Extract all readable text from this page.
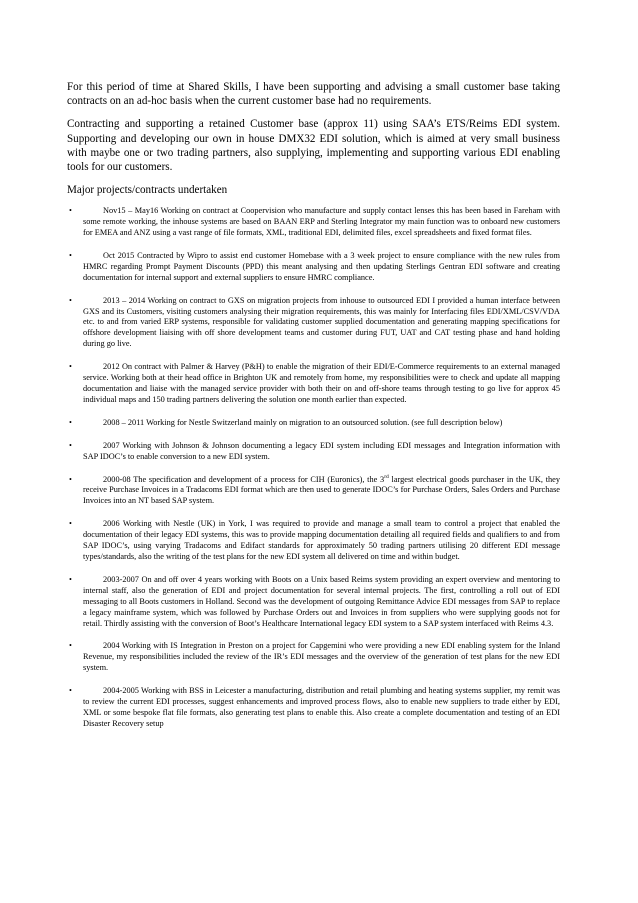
For this period of time at Shared Skills, I have been supporting and advising a small customer base taking contracts on an ad-hoc basis when the current customer base had no requirements.

Contracting and supporting a retained Customer base (approx 11) using SAA’s ETS/Reims EDI system. Supporting and developing our own in house DMX32 EDI solution, which is aimed at very small business with maybe one or two trading partners, also supplying, implementing and supporting various EDI enabling tools for our customers.

Major projects/contracts undertaken

•	Nov15 – May16 Working on contract at Coopervision who manufacture and supply contact lenses this has been based in Fareham with some remote working, the inhouse systems are based on BAAN ERP and Sterling Integrator my main function was to onboard new customers for EMEA and ANZ using a vast range of file formats, XML, traditional EDI, delimited files, excel spreadsheets and fixed format files.
•	Oct 2015 Contracted by Wipro to assist end customer Homebase with a 3 week project to ensure compliance with the new rules from HMRC regarding Prompt Payment Discounts (PPD) this meant analysing and then updating Sterlings Gentran EDI software and creating documentation for internal support and external suppliers to ensure HMRC compliance.
•	2013 – 2014 Working on contract to GXS on migration projects from inhouse to outsourced EDI I provided a human interface between GXS and its Customers, visiting customers analysing their migration requirements, this was mainly for Interfacing files EDI/XML/CSV/VDA etc. to and from varied ERP systems, responsible for validating customer supplied documentation and generating mapping specifications for offshore development liaising with off shore development teams and customer during FUT, UAT and CAT testing phase and hand holding during go live.
•	2012 On contract with Palmer & Harvey (P&H) to enable the migration of their EDI/E-Commerce requirements to an external managed service. Working both at their head office in Brighton UK and remotely from home, my responsibilities were to check and update all mapping documentation and liaise with the managed service provider with both their on and off-shore teams through testing to go live for approx 45 individual maps and 150 trading partners delivering the solution one month earlier than expected.
•	2008 – 2011 Working for Nestle Switzerland mainly on migration to an outsourced solution. (see full description below)
•	2007 Working with Johnson & Johnson documenting a legacy EDI system including EDI messages and Integration information with SAP IDOC’s to enable conversion to a new EDI system.
•	2000-08 The specification and development of a process for CIH (Euronics), the 3rd largest electrical goods purchaser in the UK, they receive Purchase Invoices in a Tradacoms EDI format which are then used to generate IDOC’s for Purchase Orders, Sales Orders and Purchase Invoices into an NT based SAP system.
•	2006 Working with Nestle (UK) in York, I was required to provide and manage a small team to control a project that enabled the documentation of their legacy EDI systems, this was to provide mapping documentation detailing all required fields and qualifiers to and from SAP IDOC’s, using varying Tradacoms and Edifact standards for approximately 50 trading partners utilising 20 different EDI message types/standards, also the writing of the test plans for the new EDI system all delivered on time and within budget.
•	2003-2007 On and off over 4 years working with Boots on a Unix based Reims system providing an expert overview and mentoring to internal staff, also the generation of EDI and project documentation for several internal projects. The first, controlling a roll out of EDI messaging to all Boots customers in Holland. Second was the development of outgoing Remittance Advice EDI messages from SAP to replace a legacy mainframe system, which was followed by Purchase Orders out and Invoices in from suppliers who were supplying goods not for retail. Thirdly assisting with the conversion of Boot’s Healthcare International legacy EDI system to a SAP system interfaced with Reims 4.3.
•	2004 Working with IS Integration in Preston on a project for Capgemini who were providing a new EDI enabling system for the Inland Revenue, my responsibilities included the review of the IR’s EDI messages and the overview of the generation of test plans for the new EDI system.
•	2004-2005 Working with BSS in Leicester a manufacturing, distribution and retail plumbing and heating systems supplier, my remit was to review the current EDI processes, suggest enhancements and improved process flows, also to enable new suppliers to trade either by EDI, XML or some bespoke flat file formats, also generating test plans to enable this. Also create a complete documentation and testing of an EDI Disaster Recovery setup
